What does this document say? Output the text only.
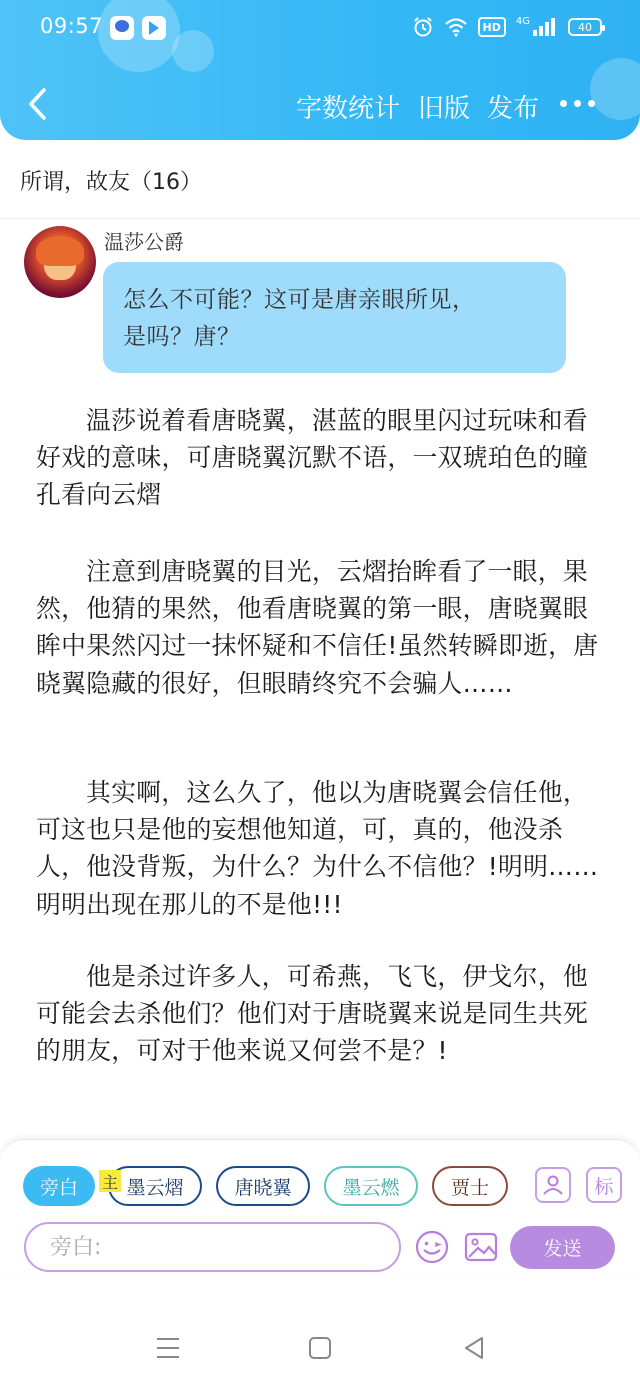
09:57	HD	4G	40
字数统计 旧版 发布
所谓，故友（16）
温莎公爵
怎么不可能？这可是唐亲眼所见，
是吗？唐？
温莎说着看唐晓翼，湛蓝的眼里闪过玩味和看好戏的意味，可唐晓翼沉默不语，一双琥珀色的瞳孔看向云熠
注意到唐晓翼的目光，云熠抬眸看了一眼，果然，他猜的果然，他看唐晓翼的第一眼，唐晓翼眼眸中果然闪过一抹怀疑和不信任!虽然转瞬即逝，唐晓翼隐藏的很好，但眼睛终究不会骗人……
其实啊，这么久了，他以为唐晓翼会信任他，可这也只是他的妄想他知道，可，真的，他没杀人，他没背叛，为什么？为什么不信他？!明明……明明出现在那儿的不是他!!!
他是杀过许多人，可希燕，飞飞，伊戈尔，他可能会去杀他们？他们对于唐晓翼来说是同生共死的朋友，可对于他来说又何尝不是？!
旁白	墨云熠
主	唐晓翼	墨云燃	贾士	标
旁白:
发送
